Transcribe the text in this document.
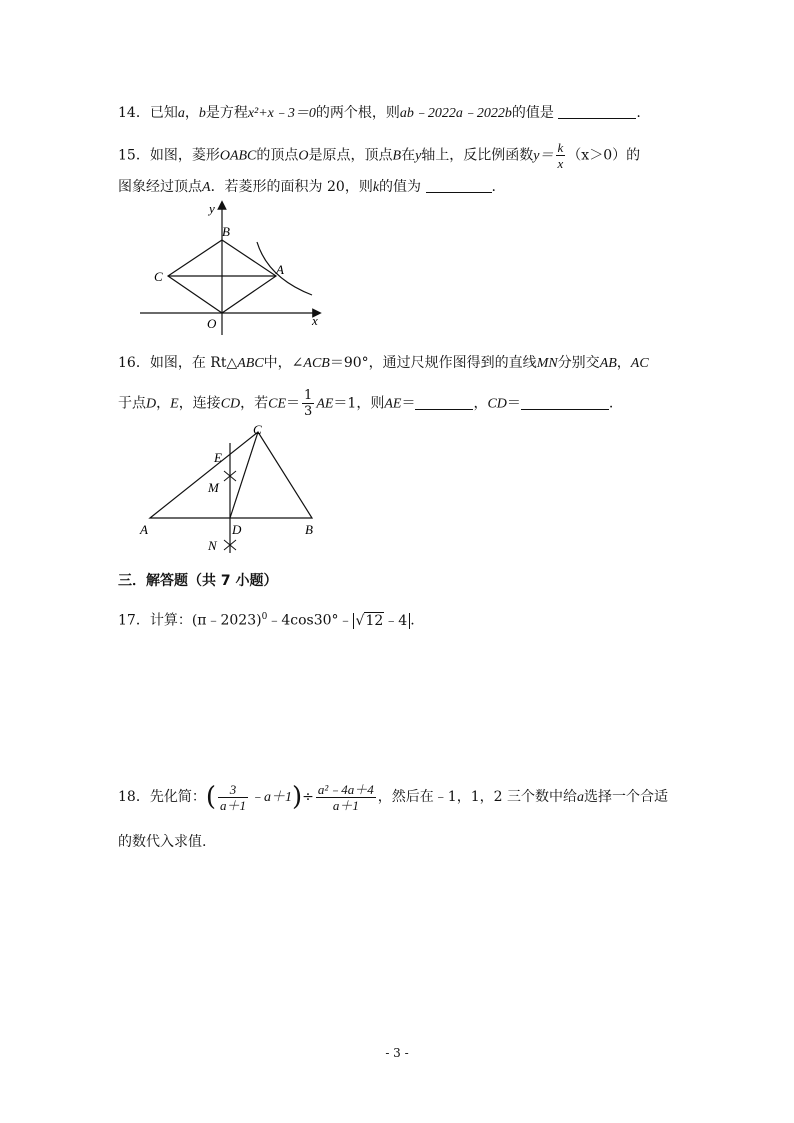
14．已知a，b是方程x²+x﹣3＝0的两个根，则ab﹣2022a﹣2022b的值是	.
15．如图，菱形OABC的顶点O是原点，顶点B在y轴上，反比例函数$y= \frac{k}{x} (x>0)$的
图象经过顶点A．若菱形的面积为 20，则k的值为	.
y
x
B
C	A
O
16．如图，在 Rt△ABC中，∠ACB＝90°，通过尺规作图得到的直线MN分别交AB，AC
于点D，E，连接CD，若$CE= \frac{1}{3} AE=1$，则AE＝	，CD＝	.
C
E
M
A	D	B
N
三．解答题（共 7 小题）
17．计算：(π﹣2023)$^0$﹣4cos30°﹣ √12﹣4 .
18．先化简：( $\frac{3}{a+1}$ ﹣a＋1)÷ $\frac{\text{a²﹣4a＋4}}{a+1}$ ，然后在﹣1，1，2 三个数中给a选择一个合适
的数代入求值.
- 3 -
